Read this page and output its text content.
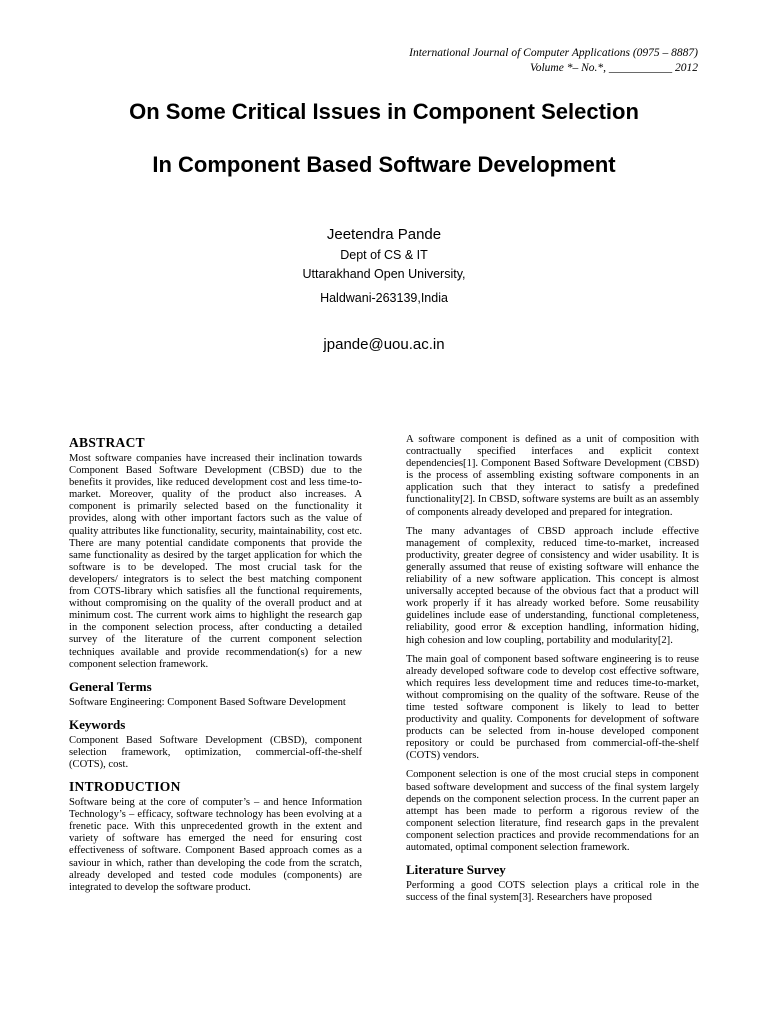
International Journal of Computer Applications (0975 – 8887)
Volume *– No.*, ___________ 2012
On Some Critical Issues in Component Selection
In Component Based Software Development
Jeetendra Pande
Dept of CS & IT
Uttarakhand Open University,
Haldwani-263139,India
jpande@uou.ac.in
ABSTRACT

Most software companies have increased their inclination towards Component Based Software Development (CBSD) due to the benefits it provides, like reduced development cost and less time-to-market. Moreover, quality of the product also increases. A component is primarily selected based on the functionality it provides, along with other important factors such as the value of quality attributes like functionality, security, maintainability, cost etc. There are many potential candidate components that provide the same functionality as desired by the target application for which the software is to be developed. The most crucial task for the developers/ integrators is to select the best matching component from COTS-library which satisfies all the functional requirements, without compromising on the quality of the overall product and at minimum cost. The current work aims to highlight the research gap in the component selection process, after conducting a detailed survey of the literature of the current component selection techniques available and provide recommendation(s) for a new component selection framework.

General Terms

Software Engineering: Component Based Software Development

Keywords

Component Based Software Development (CBSD), component selection framework, optimization, commercial-off-the-shelf (COTS), cost.

INTRODUCTION

Software being at the core of computer’s – and hence Information Technology’s – efficacy, software technology has been evolving at a frenetic pace. With this unprecedented growth in the extent and variety of software has emerged the need for ensuring cost effectiveness of software. Component Based approach comes as a saviour in which, rather than developing the code from the scratch, already developed and tested code modules (components) are integrated to develop the software product.

A software component is defined as a unit of composition with contractually specified interfaces and explicit context dependencies[1]. Component Based Software Development (CBSD) is the process of assembling existing software components in an application such that they interact to satisfy a predefined functionality[2]. In CBSD, software systems are built as an assembly of components already developed and prepared for integration.

The many advantages of CBSD approach include effective management of complexity, reduced time-to-market, increased productivity, greater degree of consistency and wider usability. It is generally assumed that reuse of existing software will enhance the reliability of a new software application. This concept is almost universally accepted because of the obvious fact that a product will work properly if it has already worked before. Some reusability guidelines include ease of understanding, functional completeness, reliability, good error & exception handling, information hiding, high cohesion and low coupling, portability and modularity[2].

The main goal of component based software engineering is to reuse already developed software code to develop cost effective software, which requires less development time and reduces time-to-market, without compromising on the quality of the software. Reuse of the time tested software component is likely to lead to better productivity and quality. Components for development of software products can be selected from in-house developed component repository or could be purchased from commercial-off-the-shelf (COTS) vendors.

Component selection is one of the most crucial steps in component based software development and success of the final system largely depends on the component selection process. In the current paper an attempt has been made to perform a rigorous review of the component selection literature, find research gaps in the prevalent component selection practices and provide recommendations for an automated, optimal component selection framework.

Literature Survey

Performing a good COTS selection plays a critical role in the success of the final system[3]. Researchers have proposed
